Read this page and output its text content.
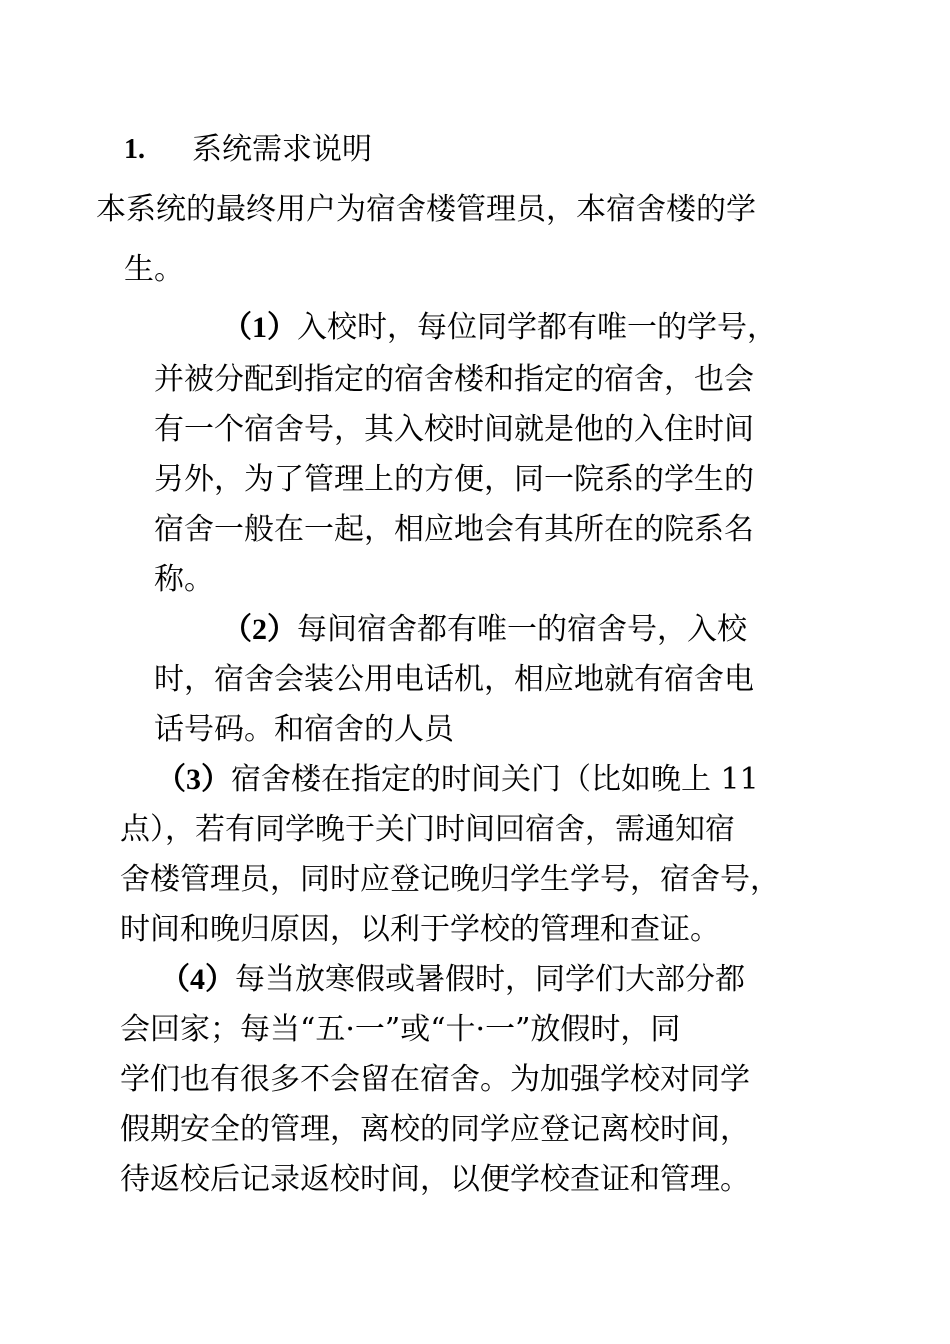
1. 系统需求说明
本系统的最终用户为宿舍楼管理员，本宿舍楼的学
生。
（1）入校时，每位同学都有唯一的学号，
并被分配到指定的宿舍楼和指定的宿舍，也会
有一个宿舍号，其入校时间就是他的入住时间
另外，为了管理上的方便，同一院系的学生的
宿舍一般在一起，相应地会有其所在的院系名
称。
（2）每间宿舍都有唯一的宿舍号，入校
时，宿舍会装公用电话机，相应地就有宿舍电
话号码。和宿舍的人员
（3）宿舍楼在指定的时间关门（比如晚上 11
点），若有同学晚于关门时间回宿舍，需通知宿
舍楼管理员，同时应登记晚归学生学号，宿舍号，
时间和晚归原因，以利于学校的管理和查证。
（4）每当放寒假或暑假时，同学们大部分都
会回家；每当“五·一”或“十·一”放假时，同
学们也有很多不会留在宿舍。为加强学校对同学
假期安全的管理，离校的同学应登记离校时间，
待返校后记录返校时间，以便学校查证和管理。
